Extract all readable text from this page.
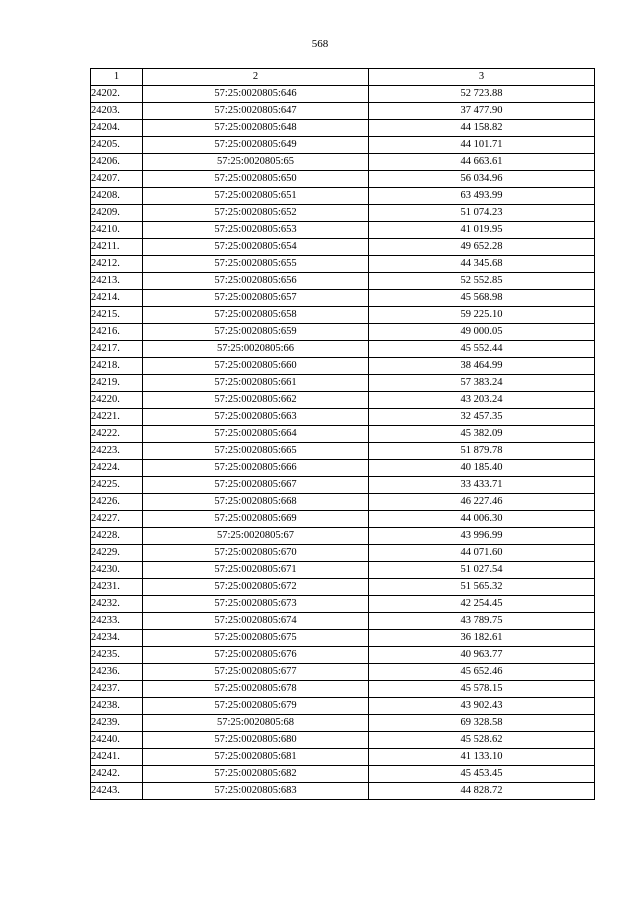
568
1	2	3
24202.	57:25:0020805:646	52 723.88
24203.	57:25:0020805:647	37 477.90
24204.	57:25:0020805:648	44 158.82
24205.	57:25:0020805:649	44 101.71
24206.	57:25:0020805:65	44 663.61
24207.	57:25:0020805:650	56 034.96
24208.	57:25:0020805:651	63 493.99
24209.	57:25:0020805:652	51 074.23
24210.	57:25:0020805:653	41 019.95
24211.	57:25:0020805:654	49 652.28
24212.	57:25:0020805:655	44 345.68
24213.	57:25:0020805:656	52 552.85
24214.	57:25:0020805:657	45 568.98
24215.	57:25:0020805:658	59 225.10
24216.	57:25:0020805:659	49 000.05
24217.	57:25:0020805:66	45 552.44
24218.	57:25:0020805:660	38 464.99
24219.	57:25:0020805:661	57 383.24
24220.	57:25:0020805:662	43 203.24
24221.	57:25:0020805:663	32 457.35
24222.	57:25:0020805:664	45 382.09
24223.	57:25:0020805:665	51 879.78
24224.	57:25:0020805:666	40 185.40
24225.	57:25:0020805:667	33 433.71
24226.	57:25:0020805:668	46 227.46
24227.	57:25:0020805:669	44 006.30
24228.	57:25:0020805:67	43 996.99
24229.	57:25:0020805:670	44 071.60
24230.	57:25:0020805:671	51 027.54
24231.	57:25:0020805:672	51 565.32
24232.	57:25:0020805:673	42 254.45
24233.	57:25:0020805:674	43 789.75
24234.	57:25:0020805:675	36 182.61
24235.	57:25:0020805:676	40 963.77
24236.	57:25:0020805:677	45 652.46
24237.	57:25:0020805:678	45 578.15
24238.	57:25:0020805:679	43 902.43
24239.	57:25:0020805:68	69 328.58
24240.	57:25:0020805:680	45 528.62
24241.	57:25:0020805:681	41 133.10
24242.	57:25:0020805:682	45 453.45
24243.	57:25:0020805:683	44 828.72
